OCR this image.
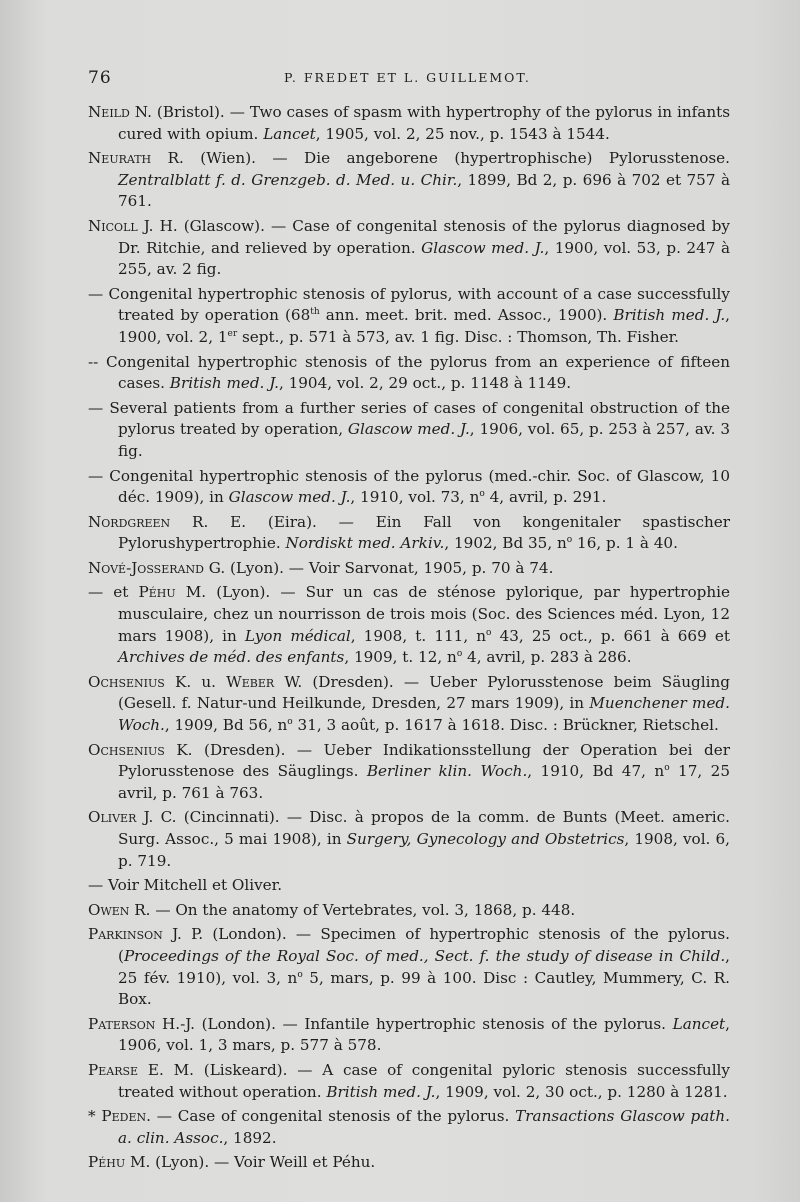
76	P. FREDET ET L. GUILLEMOT.

Neild N. (Bristol). — Two cases of spasm with hypertrophy of the pylorus in infants cured with opium. Lancet, 1905, vol. 2, 25 nov., p. 1543 à 1544.

Neurath R. (Wien). — Die angeborene (hypertrophische) Pylorusstenose. Zentralblatt f. d. Grenzgeb. d. Med. u. Chir., 1899, Bd 2, p. 696 à 702 et 757 à 761.

Nicoll J. H. (Glascow). — Case of congenital stenosis of the pylorus diagnosed by Dr. Ritchie, and relieved by operation. Glascow med. J., 1900, vol. 53, p. 247 à 255, av. 2 fig.

— Congenital hypertrophic stenosis of pylorus, with account of a case successfully treated by operation (68th ann. meet. brit. med. Assoc., 1900). British med. J., 1900, vol. 2, 1er sept., p. 571 à 573, av. 1 fig. Disc. : Thomson, Th. Fisher.

-- Congenital hypertrophic stenosis of the pylorus from an experience of fifteen cases. British med. J., 1904, vol. 2, 29 oct., p. 1148 à 1149.

— Several patients from a further series of cases of congenital obstruction of the pylorus treated by operation, Glascow med. J., 1906, vol. 65, p. 253 à 257, av. 3 fig.

— Congenital hypertrophic stenosis of the pylorus (med.-chir. Soc. of Glascow, 10 déc. 1909), in Glascow med. J., 1910, vol. 73, $n^o$ 4, avril, p. 291.

Nordgreen R. E. (Eira). — Ein Fall von kongenitaler spastischer Pylorushypertrophie. Nordiskt med. Arkiv., 1902, Bd 35, $n^o$ 16, p. 1 à 40.

Nové-Josserand G. (Lyon). — Voir Sarvonat, 1905, p. 70 à 74.

— et Péhu M. (Lyon). — Sur un cas de sténose pylorique, par hypertrophie musculaire, chez un nourrisson de trois mois (Soc. des Sciences méd. Lyon, 12 mars 1908), in Lyon médical, 1908, t. 111, $n^o$ 43, 25 oct., p. 661 à 669 et Archives de méd. des enfants, 1909, t. 12, $n^o$ 4, avril, p. 283 à 286.

Ochsenius K. u. Weber W. (Dresden). — Ueber Pylorusstenose beim Säugling (Gesell. f. Natur-und Heilkunde, Dresden, 27 mars 1909), in Muenchener med. Woch., 1909, Bd 56, $n^o$ 31, 3 août, p. 1617 à 1618. Disc. : Brückner, Rietschel.

Ochsenius K. (Dresden). — Ueber Indikationsstellung der Operation bei der Pylorusstenose des Säuglings. Berliner klin. Woch., 1910, Bd 47, $n^o$ 17, 25 avril, p. 761 à 763.

Oliver J. C. (Cincinnati). — Disc. à propos de la comm. de Bunts (Meet. americ. Surg. Assoc., 5 mai 1908), in Surgery, Gynecology and Obstetrics, 1908, vol. 6, p. 719.

— Voir Mitchell et Oliver.

Owen R. — On the anatomy of Vertebrates, vol. 3, 1868, p. 448.

Parkinson J. P. (London). — Specimen of hypertrophic stenosis of the pylorus. (Proceedings of the Royal Soc. of med., Sect. f. the study of disease in Child., 25 fév. 1910), vol. 3, $n^o$ 5, mars, p. 99 à 100. Disc : Cautley, Mummery, C. R. Box.

Paterson H.-J. (London). — Infantile hypertrophic stenosis of the pylorus. Lancet, 1906, vol. 1, 3 mars, p. 577 à 578.

Pearse E. M. (Liskeard). — A case of congenital pyloric stenosis successfully treated without operation. British med. J., 1909, vol. 2, 30 oct., p. 1280 à 1281.

* Peden. — Case of congenital stenosis of the pylorus. Transactions Glascow path. a. clin. Assoc., 1892.

Péhu M. (Lyon). — Voir Weill et Péhu.
